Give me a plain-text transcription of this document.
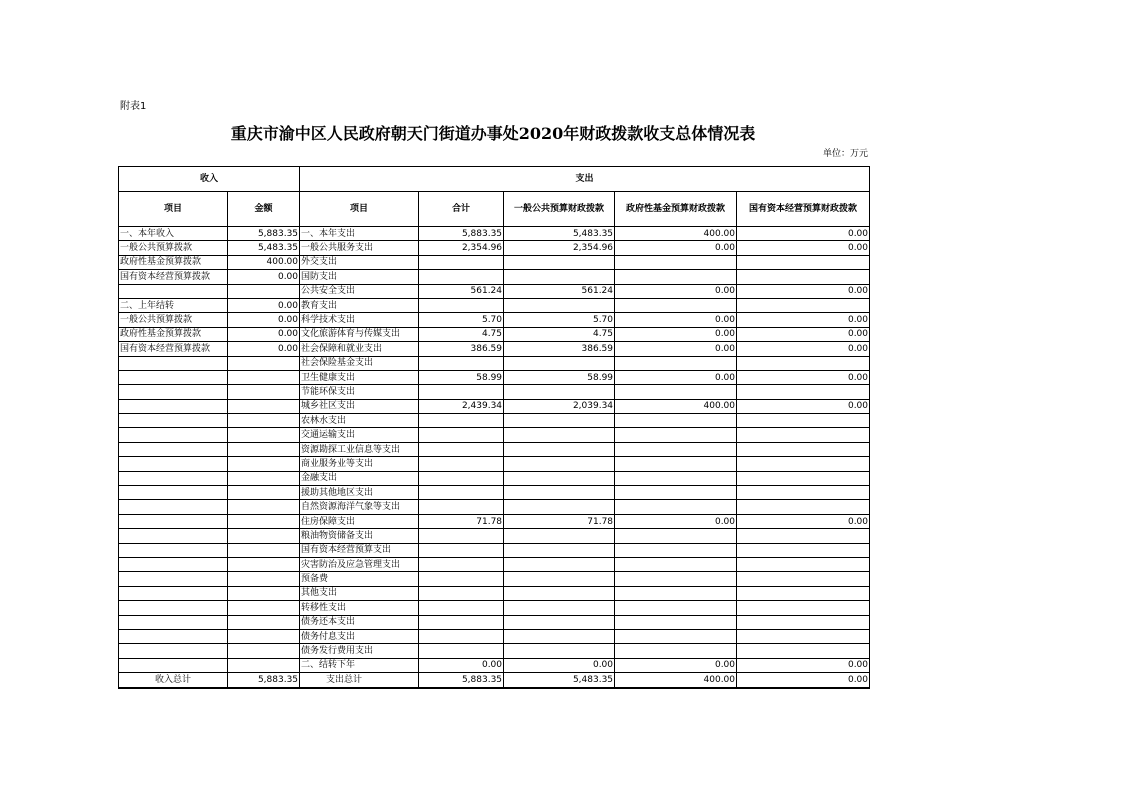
附表1
重庆市渝中区人民政府朝天门街道办事处2020年财政拨款收支总体情况表
单位：万元
收入		支出				
项目	金额	项目	合计	一般公共预算财政拨款	政府性基金预算财政拨款	国有资本经营预算财政拨款
一、本年收入	5,883.35	一、本年支出	5,883.35	5,483.35	400.00	0.00
一般公共预算拨款	5,483.35	一般公共服务支出	2,354.96	2,354.96	0.00	0.00
政府性基金预算拨款	400.00	外交支出				
国有资本经营预算拨款	0.00	国防支出				
		公共安全支出	561.24	561.24	0.00	0.00
二、上年结转	0.00	教育支出				
一般公共预算拨款	0.00	科学技术支出	5.70	5.70	0.00	0.00
政府性基金预算拨款	0.00	文化旅游体育与传媒支出	4.75	4.75	0.00	0.00
国有资本经营预算拨款	0.00	社会保障和就业支出	386.59	386.59	0.00	0.00
		社会保险基金支出				
		卫生健康支出	58.99	58.99	0.00	0.00
		节能环保支出				
		城乡社区支出	2,439.34	2,039.34	400.00	0.00
		农林水支出				
		交通运输支出				
		资源勘探工业信息等支出				
		商业服务业等支出				
		金融支出				
		援助其他地区支出				
		自然资源海洋气象等支出				
		住房保障支出	71.78	71.78	0.00	0.00
		粮油物资储备支出				
		国有资本经营预算支出				
		灾害防治及应急管理支出				
		预备费				
		其他支出				
		转移性支出				
		债务还本支出				
		债务付息支出				
		债务发行费用支出				
		二、结转下年	0.00	0.00	0.00	0.00
收入总计	5,883.35	支出总计	5,883.35	5,483.35	400.00	0.00
